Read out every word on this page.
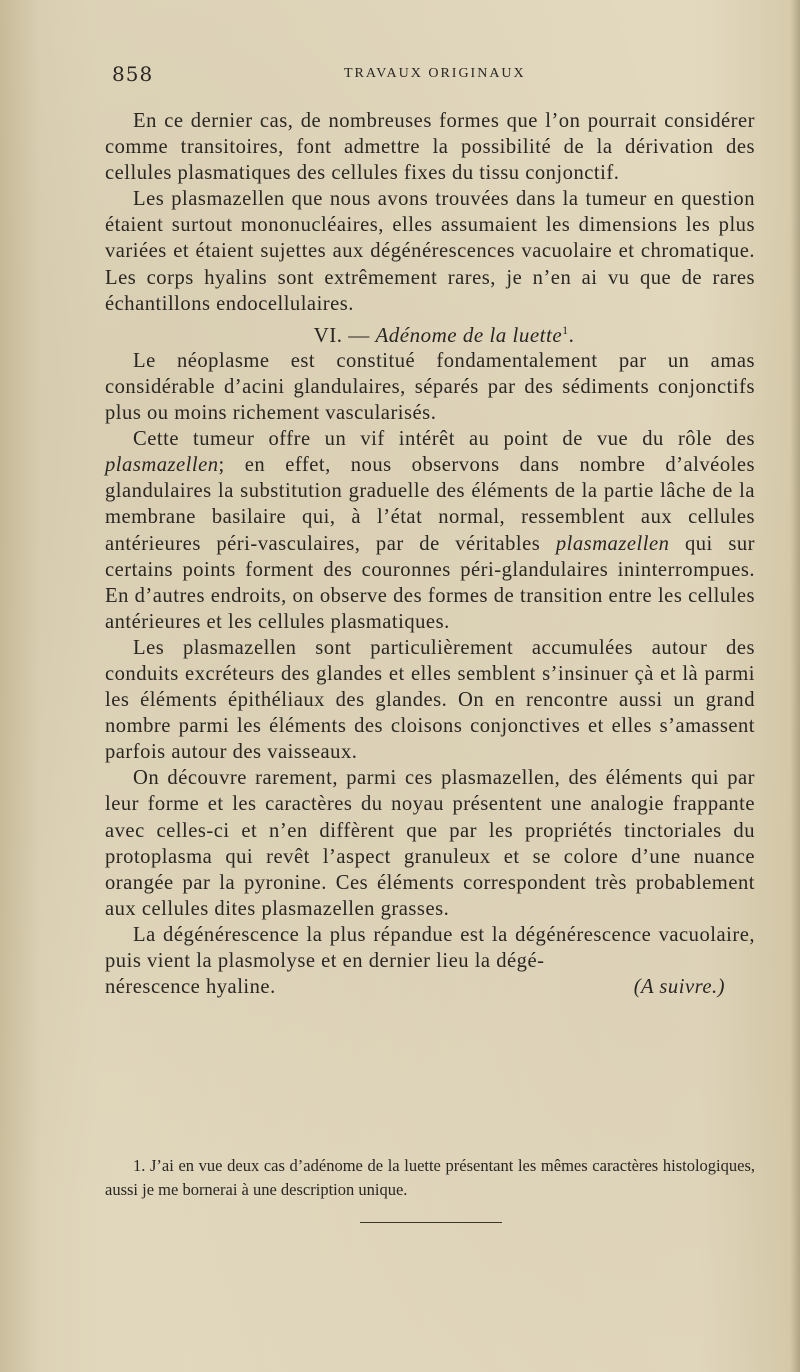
858	TRAVAUX ORIGINAUX

En ce dernier cas, de nombreuses formes que l’on pourrait considérer comme transitoires, font admettre la possibilité de la dérivation des cellules plasmatiques des cellules fixes du tissu conjonctif.

Les plasmazellen que nous avons trouvées dans la tumeur en question étaient surtout mononucléaires, elles assumaient les dimensions les plus variées et étaient sujettes aux dégénérescences vacuolaire et chromatique. Les corps hyalins sont extrêmement rares, je n’en ai vu que de rares échantillons endocellulaires.

VI. — Adénome de la luette$^1$.

Le néoplasme est constitué fondamentalement par un amas considérable d’acini glandulaires, séparés par des sédiments conjonctifs plus ou moins richement vascularisés.

Cette tumeur offre un vif intérêt au point de vue du rôle des plasmazellen; en effet, nous observons dans nombre d’alvéoles glandulaires la substitution graduelle des éléments de la partie lâche de la membrane basilaire qui, à l’état normal, ressemblent aux cellules antérieures péri-vasculaires, par de véritables plasmazellen qui sur certains points forment des couronnes péri-glandulaires ininterrompues. En d’autres endroits, on observe des formes de transition entre les cellules antérieures et les cellules plasmatiques.

Les plasmazellen sont particulièrement accumulées autour des conduits excréteurs des glandes et elles semblent s’insinuer çà et là parmi les éléments épithéliaux des glandes. On en rencontre aussi un grand nombre parmi les éléments des cloisons conjonctives et elles s’amassent parfois autour des vaisseaux.

On découvre rarement, parmi ces plasmazellen, des éléments qui par leur forme et les caractères du noyau présentent une analogie frappante avec celles-ci et n’en diffèrent que par les propriétés tinctoriales du protoplasma qui revêt l’aspect granuleux et se colore d’une nuance orangée par la pyronine. Ces éléments correspondent très probablement aux cellules dites plasmazellen grasses.

La dégénérescence la plus répandue est la dégénérescence vacuolaire, puis vient la plasmolyse et en dernier lieu la dégé-

nérescence hyaline.	(A suivre.)
1. J’ai en vue deux cas d’adénome de la luette présentant les mêmes caractères histologiques, aussi je me bornerai à une description unique.
